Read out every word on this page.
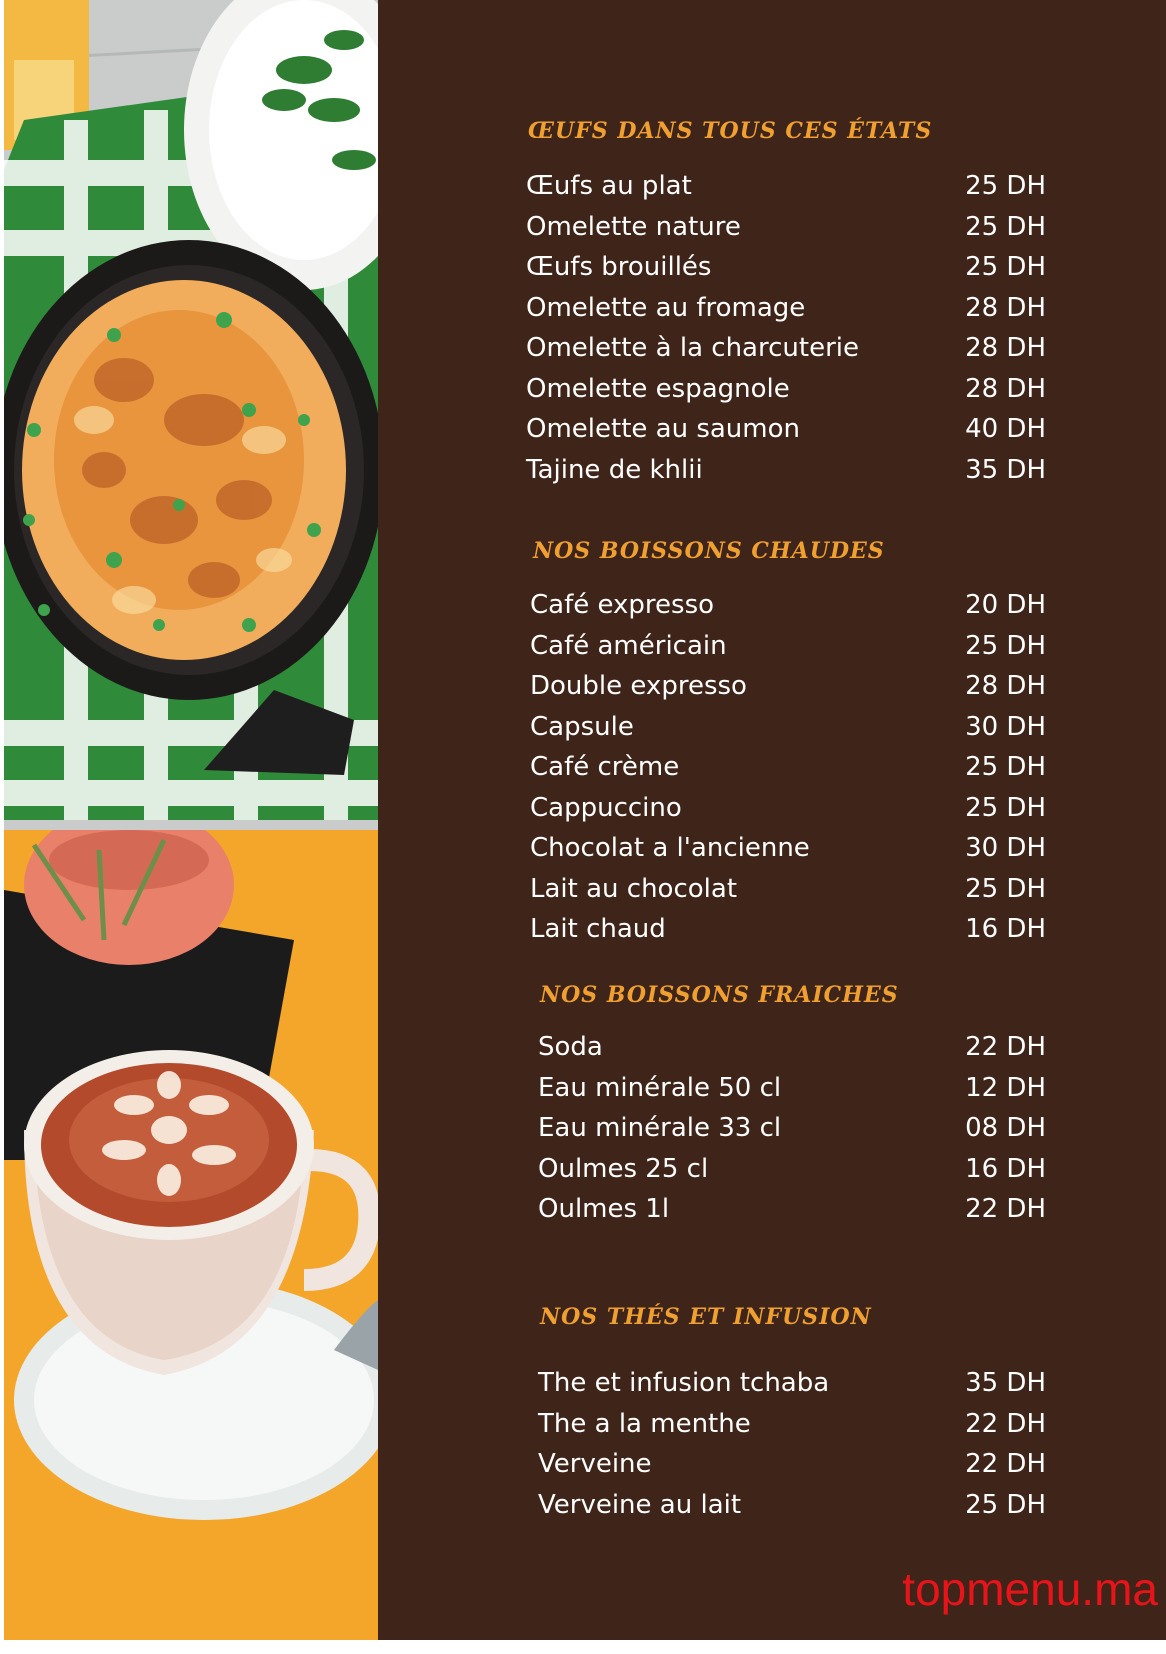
ŒUFS DANS TOUS CES ÉTATS
Œufs au plat	25 DH
Omelette nature	25 DH
Œufs brouillés	25 DH
Omelette au fromage	28 DH
Omelette à la charcuterie	28 DH
Omelette espagnole	28 DH
Omelette au saumon	40 DH
Tajine de khlii	35 DH
NOS BOISSONS CHAUDES
Café expresso	20 DH
Café américain	25 DH
Double expresso	28 DH
Capsule	30 DH
Café crème	25 DH
Cappuccino	25 DH
Chocolat a l'ancienne	30 DH
Lait au chocolat	25 DH
Lait chaud	16 DH
NOS BOISSONS FRAICHES
Soda	22 DH
Eau minérale 50 cl	12 DH
Eau minérale 33 cl	08 DH
Oulmes 25 cl	16 DH
Oulmes 1l	22 DH
NOS THÉS ET INFUSION
The et infusion tchaba	35 DH
The a la menthe	22 DH
Verveine	22 DH
Verveine au lait	25 DH

topmenu.ma
